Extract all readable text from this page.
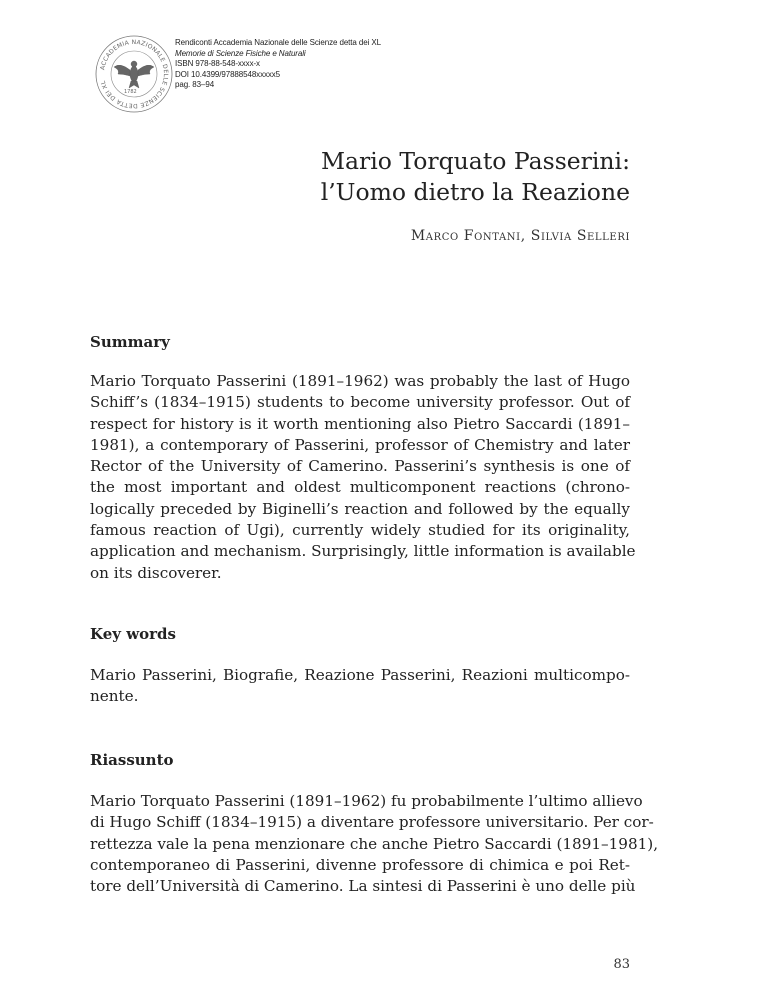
ACCADEMIA NAZIONALE DELLE SCIENZE DETTA DEI XL
1782
Rendiconti Accademia Nazionale delle Scienze detta dei XL
Memorie di Scienze Fisiche e Naturali
ISBN 978-88-548-xxxx-x
DOI 10.4399/97888548xxxxx5
pag. 83–94
Mario Torquato Passerini:
l’Uomo dietro la Reazione
Marco Fontani, Silvia Selleri
Summary

Mario Torquato Passerini (1891–1962) was probably the last of Hugo
Schiff’s (1834–1915) students to become university professor. Out of
respect for history is it worth mentioning also Pietro Saccardi (1891–
1981), a contemporary of Passerini, professor of Chemistry and later
Rector of the University of Camerino. Passerini’s synthesis is one of
the most important and oldest multicomponent reactions (chrono-
logically preceded by Biginelli’s reaction and followed by the equally
famous reaction of Ugi), currently widely studied for its originality,
application and mechanism. Surprisingly, little information is available
on its discoverer.

Key words

Mario Passerini, Biografie, Reazione Passerini, Reazioni multicompo-
nente.

Riassunto

Mario Torquato Passerini (1891–1962) fu probabilmente l’ultimo allievo
di Hugo Schiff (1834–1915) a diventare professore universitario. Per cor-
rettezza vale la pena menzionare che anche Pietro Saccardi (1891–1981),
contemporaneo di Passerini, divenne professore di chimica e poi Ret-
tore dell’Università di Camerino. La sintesi di Passerini è uno delle più

83
